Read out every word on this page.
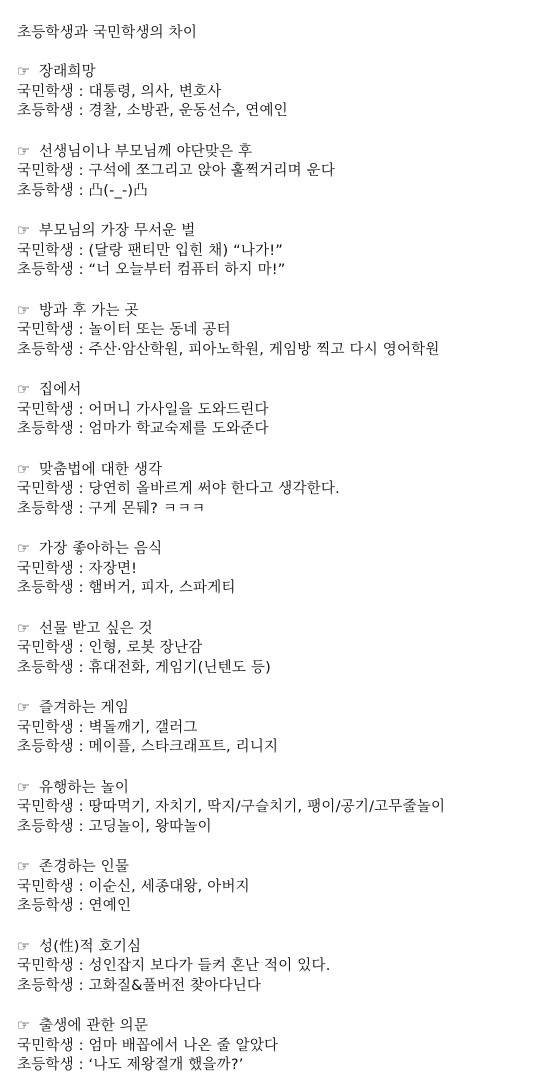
초등학생과 국민학생의 차이
☞ 장래희망
국민학생 : 대통령, 의사, 변호사
초등학생 : 경찰, 소방관, 운동선수, 연예인
☞ 선생님이나 부모님께 야단맞은 후
국민학생 : 구석에 쪼그리고 앉아 훌쩍거리며 운다
초등학생 : 凸(-_-)凸
☞ 부모님의 가장 무서운 벌
국민학생 : (달랑 팬티만 입힌 채) “나가!”
초등학생 : “너 오늘부터 컴퓨터 하지 마!”
☞ 방과 후 가는 곳
국민학생 : 놀이터 또는 동네 공터
초등학생 : 주산·암산학원, 피아노학원, 게임방 찍고 다시 영어학원
☞ 집에서
국민학생 : 어머니 가사일을 도와드린다
초등학생 : 엄마가 학교숙제를 도와준다
☞ 맞춤법에 대한 생각
국민학생 : 당연히 올바르게 써야 한다고 생각한다.
초등학생 : 구게 몬뒈? ㅋㅋㅋ
☞ 가장 좋아하는 음식
국민학생 : 자장면!
초등학생 : 햄버거, 피자, 스파게티
☞ 선물 받고 싶은 것
국민학생 : 인형, 로봇 장난감
초등학생 : 휴대전화, 게임기(닌텐도 등)
☞ 즐겨하는 게임
국민학생 : 벽돌깨기, 갤러그
초등학생 : 메이플, 스타크래프트, 리니지
☞ 유행하는 놀이
국민학생 : 땅따먹기, 자치기, 딱지/구슬치기, 팽이/공기/고무줄놀이
초등학생 : 고딩놀이, 왕따놀이
☞ 존경하는 인물
국민학생 : 이순신, 세종대왕, 아버지
초등학생 : 연예인
☞ 성(性)적 호기심
국민학생 : 성인잡지 보다가 들켜 혼난 적이 있다.
초등학생 : 고화질&풀버전 찾아다닌다
☞ 출생에 관한 의문
국민학생 : 엄마 배꼽에서 나온 줄 알았다
초등학생 : ‘나도 제왕절개 했을까?’
